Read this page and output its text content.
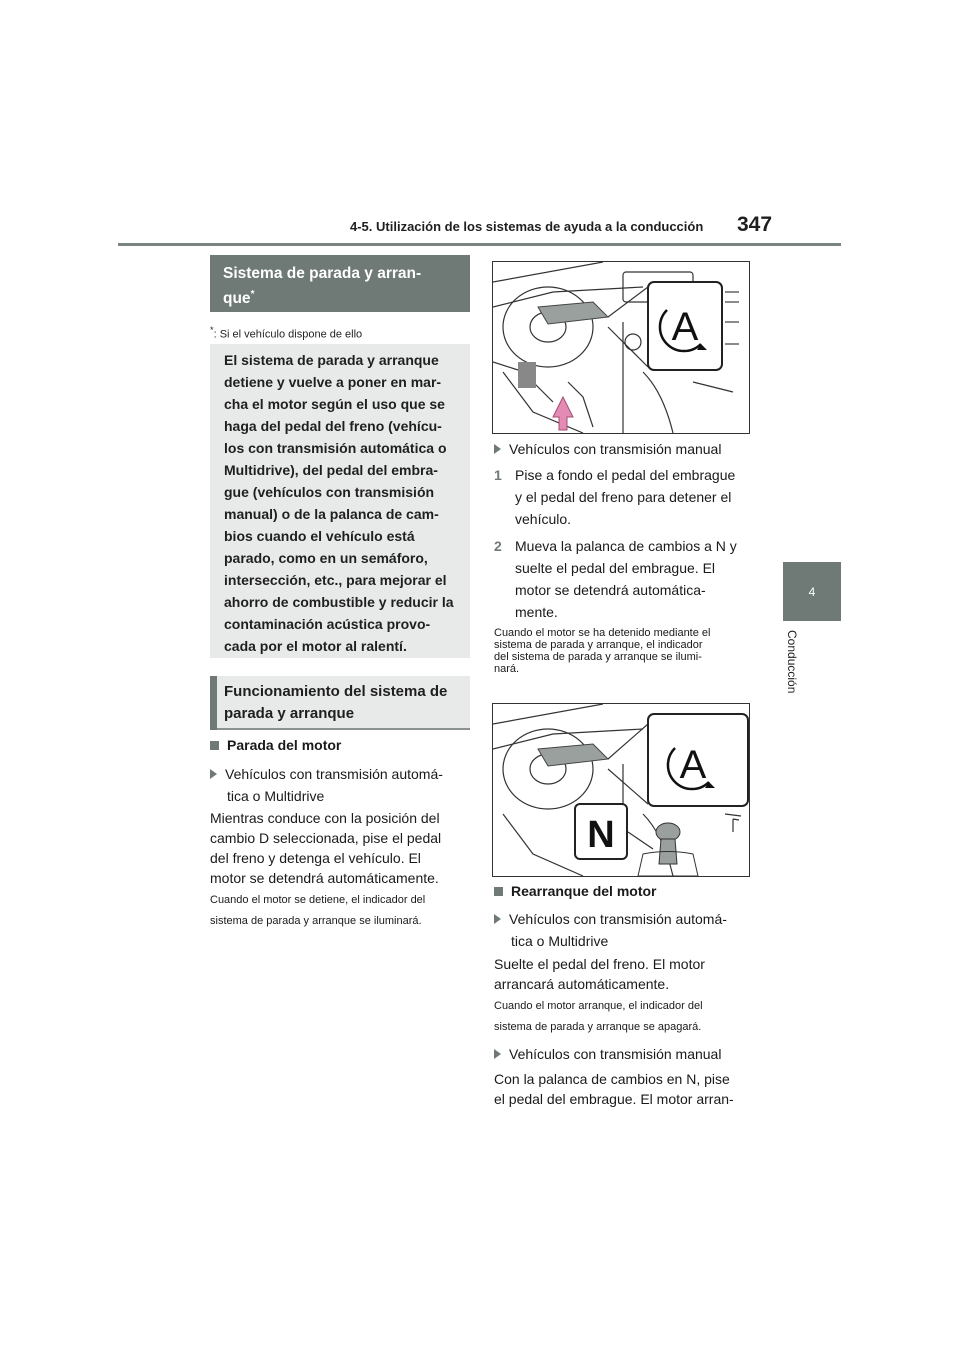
4-5. Utilización de los sistemas de ayuda a la conducción 347
4
Conducción
Sistema de parada y arran-
que*
*: Si el vehículo dispone de ello
El sistema de parada y arranque
detiene y vuelve a poner en mar-
cha el motor según el uso que se
haga del pedal del freno (vehícu-
los con transmisión automática o
Multidrive), del pedal del embra-
gue (vehículos con transmisión
manual) o de la palanca de cam-
bios cuando el vehículo está
parado, como en un semáforo,
intersección, etc., para mejorar el
ahorro de combustible y reducir la
contaminación acústica provo-
cada por el motor al ralentí.
Funcionamiento del sistema de
parada y arranque
Parada del motor
Vehículos con transmisión automá-
tica o Multidrive
Mientras conduce con la posición del
cambio D seleccionada, pise el pedal
del freno y detenga el vehículo. El
motor se detendrá automáticamente.
Cuando el motor se detiene, el indicador del
sistema de parada y arranque se iluminará.
A
Vehículos con transmisión manual
1 Pise a fondo el pedal del embrague
y el pedal del freno para detener el
vehículo.
2 Mueva la palanca de cambios a N y
suelte el pedal del embrague. El
motor se detendrá automática-
mente.
Cuando el motor se ha detenido mediante el
sistema de parada y arranque, el indicador
del sistema de parada y arranque se ilumi-
nará.
A
N
Rearranque del motor
Vehículos con transmisión automá-
tica o Multidrive
Suelte el pedal del freno. El motor
arrancará automáticamente.
Cuando el motor arranque, el indicador del
sistema de parada y arranque se apagará.
Vehículos con transmisión manual
Con la palanca de cambios en N, pise
el pedal del embrague. El motor arran-
